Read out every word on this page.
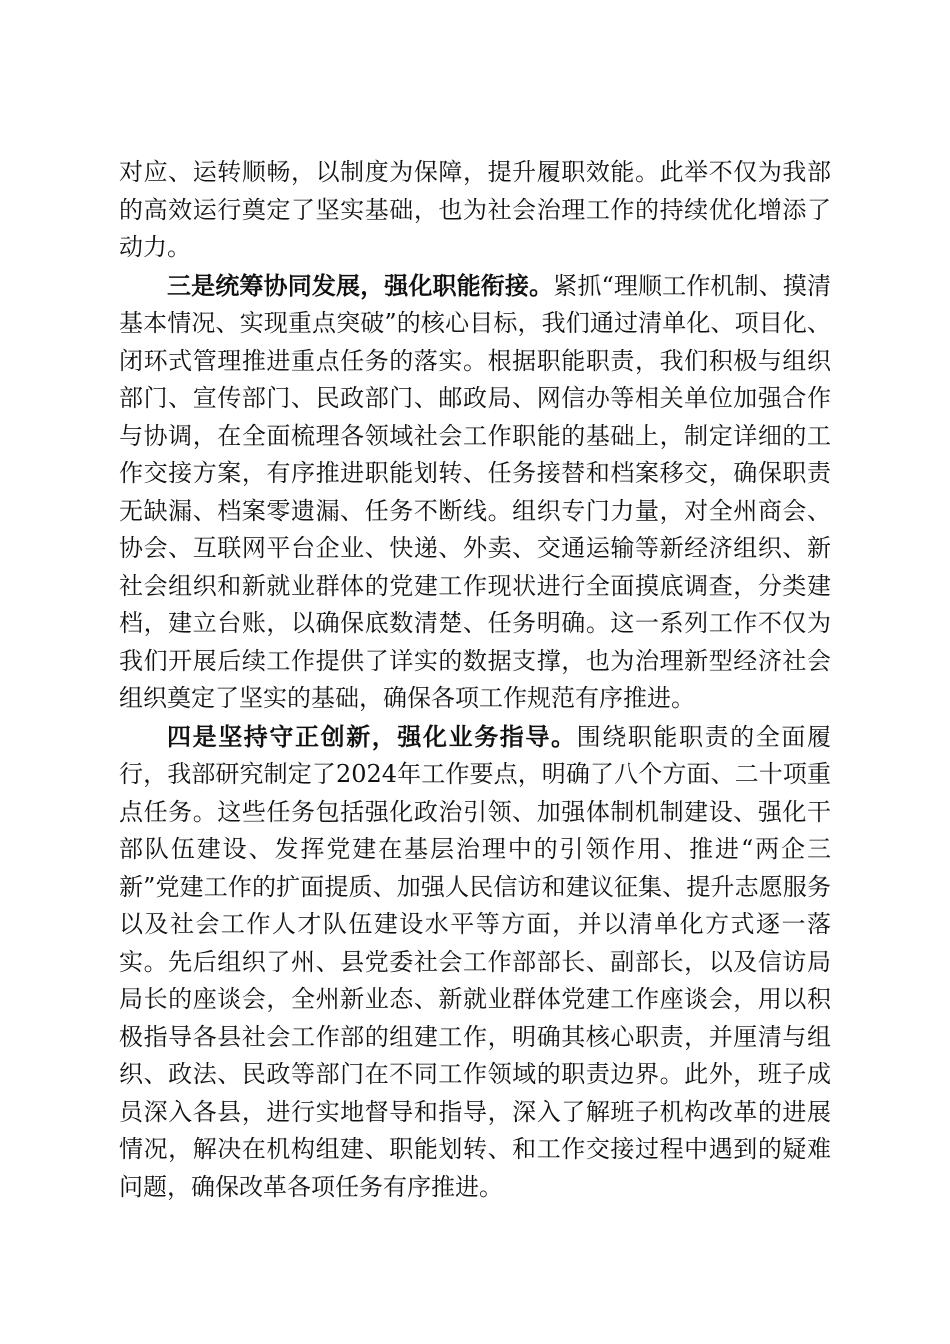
对应、运转顺畅，以制度为保障，提升履职效能。此举不仅为我部的高效运行奠定了坚实基础，也为社会治理工作的持续优化增添了动力。

三是统筹协同发展，强化职能衔接。紧抓“理顺工作机制、摸清基本情况、实现重点突破”的核心目标，我们通过清单化、项目化、闭环式管理推进重点任务的落实。根据职能职责，我们积极与组织部门、宣传部门、民政部门、邮政局、网信办等相关单位加强合作与协调，在全面梳理各领域社会工作职能的基础上，制定详细的工作交接方案，有序推进职能划转、任务接替和档案移交，确保职责无缺漏、档案零遗漏、任务不断线。组织专门力量，对全州商会、协会、互联网平台企业、快递、外卖、交通运输等新经济组织、新社会组织和新就业群体的党建工作现状进行全面摸底调查，分类建档，建立台账，以确保底数清楚、任务明确。这一系列工作不仅为我们开展后续工作提供了详实的数据支撑，也为治理新型经济社会组织奠定了坚实的基础，确保各项工作规范有序推进。

四是坚持守正创新，强化业务指导。围绕职能职责的全面履行，我部研究制定了2024年工作要点，明确了八个方面、二十项重点任务。这些任务包括强化政治引领、加强体制机制建设、强化干部队伍建设、发挥党建在基层治理中的引领作用、推进“两企三新”党建工作的扩面提质、加强人民信访和建议征集、提升志愿服务以及社会工作人才队伍建设水平等方面，并以清单化方式逐一落实。先后组织了州、县党委社会工作部部长、副部长，以及信访局局长的座谈会，全州新业态、新就业群体党建工作座谈会，用以积极指导各县社会工作部的组建工作，明确其核心职责，并厘清与组织、政法、民政等部门在不同工作领域的职责边界。此外，班子成员深入各县，进行实地督导和指导，深入了解班子机构改革的进展情况，解决在机构组建、职能划转、和工作交接过程中遇到的疑难问题，确保改革各项任务有序推进。
